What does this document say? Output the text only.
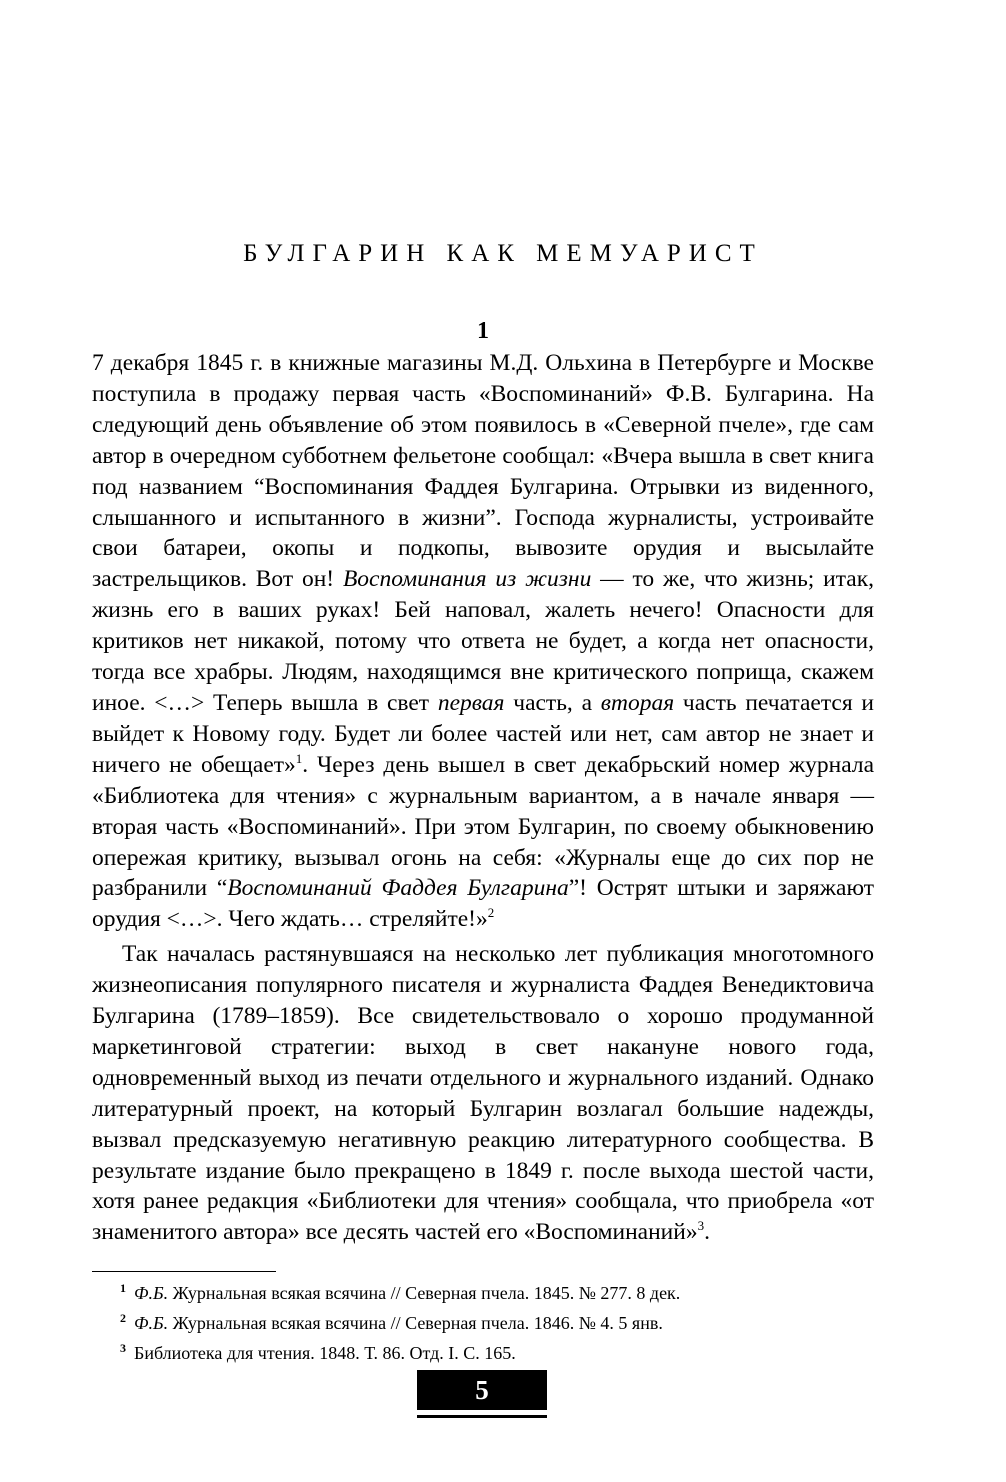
БУЛГАРИН КАК МЕМУАРИСТ
1

7 декабря 1845 г. в книжные магазины М.Д. Ольхина в Петербурге и Москве поступила в продажу первая часть «Воспоминаний» Ф.В. Булгарина. На следующий день объявление об этом появилось в «Северной пчеле», где сам автор в очередном субботнем фельетоне сообщал: «Вчера вышла в свет книга под названием “Воспоминания Фаддея Булгарина. Отрывки из виденного, слышанного и испытанного в жизни”. Господа журналисты, устроивайте свои батареи, окопы и подкопы, вывозите орудия и высылайте застрельщиков. Вот он! Воспоминания из жизни — то же, что жизнь; итак, жизнь его в ваших руках! Бей наповал, жалеть нечего! Опасности для критиков нет никакой, потому что ответа не будет, а когда нет опасности, тогда все храбры. Людям, находящимся вне критического поприща, скажем иное. <…> Теперь вышла в свет первая часть, а вторая часть печатается и выйдет к Новому году. Будет ли более частей или нет, сам автор не знает и ничего не обещает»$^1$. Через день вышел в свет декабрьский номер журнала «Библиотека для чтения» с журнальным вариантом, а в начале января — вторая часть «Воспоминаний». При этом Булгарин, по своему обыкновению опережая критику, вызывал огонь на себя: «Журналы еще до сих пор не разбранили “Воспоминаний Фаддея Булгарина”! Острят штыки и заряжают орудия <…>. Чего ждать… стреляйте!»$^2$

Так началась растянувшаяся на несколько лет публикация многотомного жизнеописания популярного писателя и журналиста Фаддея Венедиктовича Булгарина (1789–1859). Все свидетельствовало о хорошо продуманной маркетинговой стратегии: выход в свет накануне нового года, одновременный выход из печати отдельного и журнального изданий. Однако литературный проект, на который Булгарин возлагал большие надежды, вызвал предсказуемую негативную реакцию литературного сообщества. В результате издание было прекращено в 1849 г. после выхода шестой части, хотя ранее редакция «Библиотеки для чтения» сообщала, что приобрела «от знаменитого автора» все десять частей его «Воспоминаний»$^3$.

$^1$ Ф.Б. Журнальная всякая всячина // Северная пчела. 1845. № 277. 8 дек.
$^2$ Ф.Б. Журнальная всякая всячина // Северная пчела. 1846. № 4. 5 янв.
$^3$ Библиотека для чтения. 1848. Т. 86. Отд. I. С. 165.
5
